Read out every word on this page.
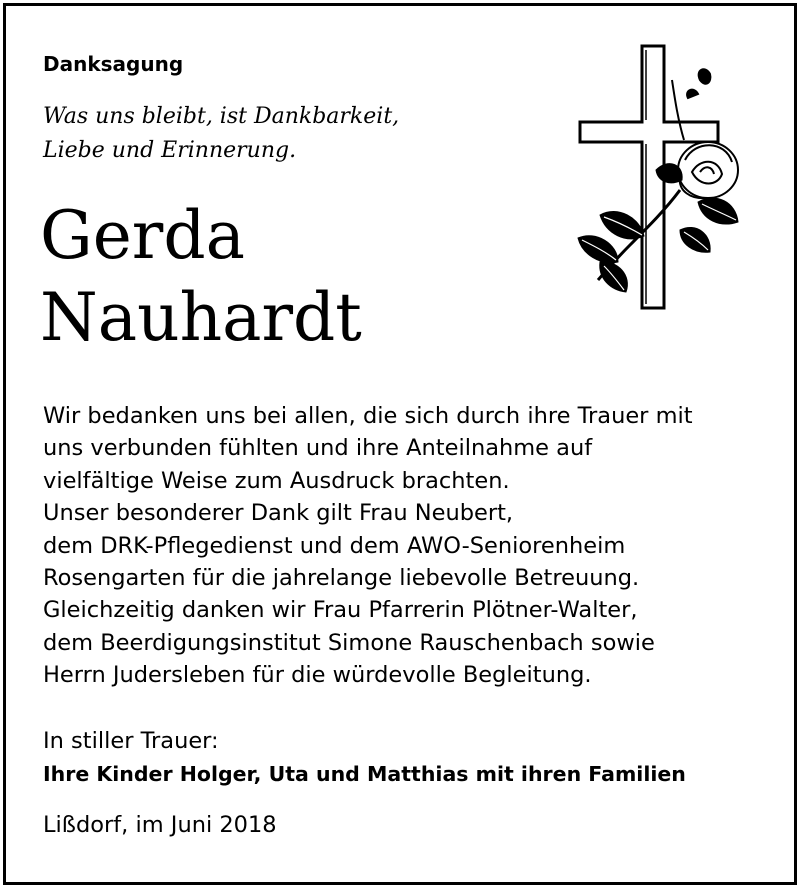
Danksagung

Was uns bleibt, ist Dankbarkeit,
Liebe und Erinnerung.
Gerda
Nauhardt
Wir bedanken uns bei allen, die sich durch ihre Trauer mit
uns verbunden fühlten und ihre Anteilnahme auf
vielfältige Weise zum Ausdruck brachten.
Unser besonderer Dank gilt Frau Neubert,
dem DRK-Pflegedienst und dem AWO-Seniorenheim
Rosengarten für die jahrelange liebevolle Betreuung.
Gleichzeitig danken wir Frau Pfarrerin Plötner-Walter,
dem Beerdigungsinstitut Simone Rauschenbach sowie
Herrn Judersleben für die würdevolle Begleitung.

In stiller Trauer:

Ihre Kinder Holger, Uta und Matthias mit ihren Familien

Lißdorf, im Juni 2018
